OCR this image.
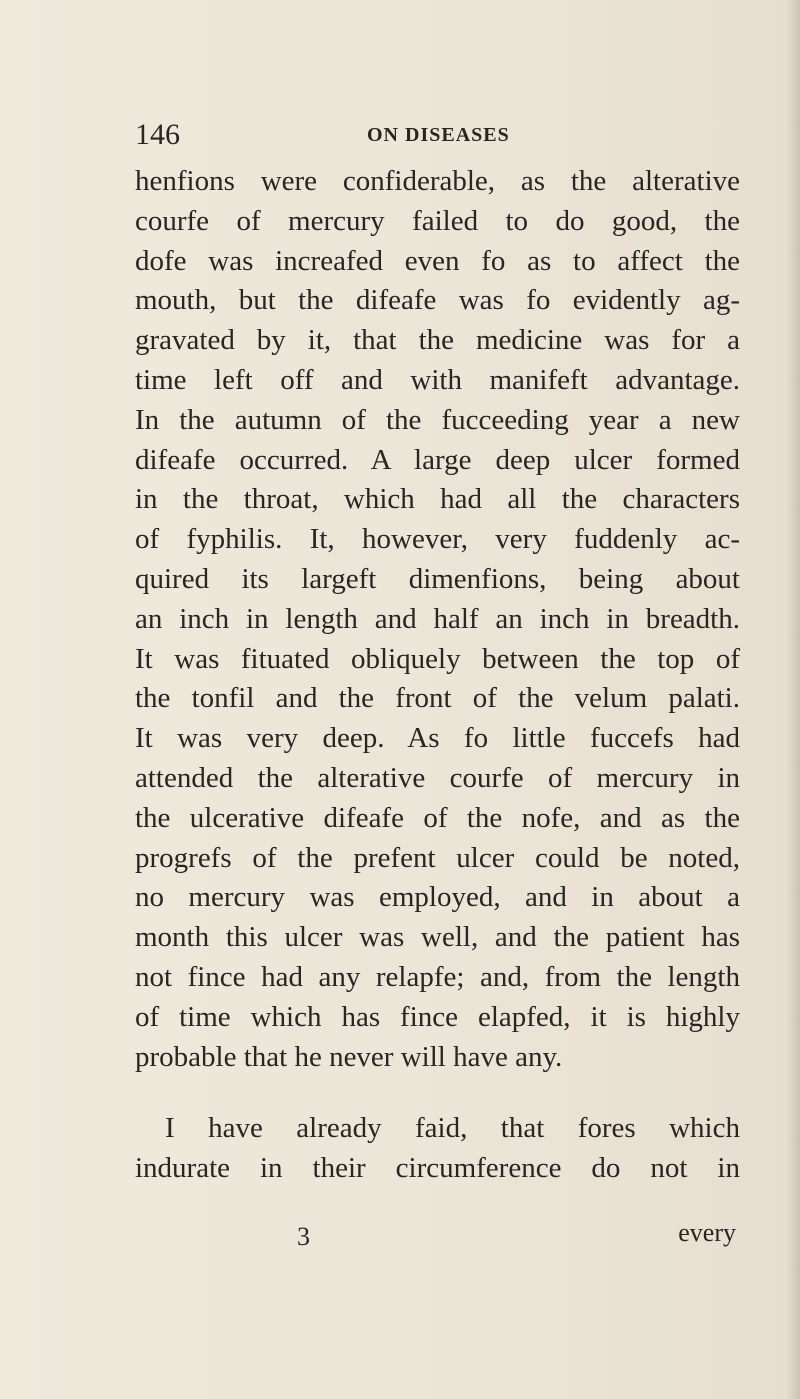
146	ON DISEASES
henfions were confiderable, as the alterative
courfe of mercury failed to do good, the
dofe was increafed even fo as to affect the
mouth, but the difeafe was fo evidently ag-
gravated by it, that the medicine was for a
time left off and with manifeft advantage.
In the autumn of the fucceeding year a new
difeafe occurred. A large deep ulcer formed
in the throat, which had all the characters
of fyphilis. It, however, very fuddenly ac-
quired its largeft dimenfions, being about
an inch in length and half an inch in breadth.
It was fituated obliquely between the top of
the tonfil and the front of the velum palati.
It was very deep. As fo little fuccefs had
attended the alterative courfe of mercury in
the ulcerative difeafe of the nofe, and as the
progrefs of the prefent ulcer could be noted,
no mercury was employed, and in about a
month this ulcer was well, and the patient has
not fince had any relapfe; and, from the length
of time which has fince elapfed, it is highly
probable that he never will have any.
I have already faid, that fores which
indurate in their circumference do not in
3	every
